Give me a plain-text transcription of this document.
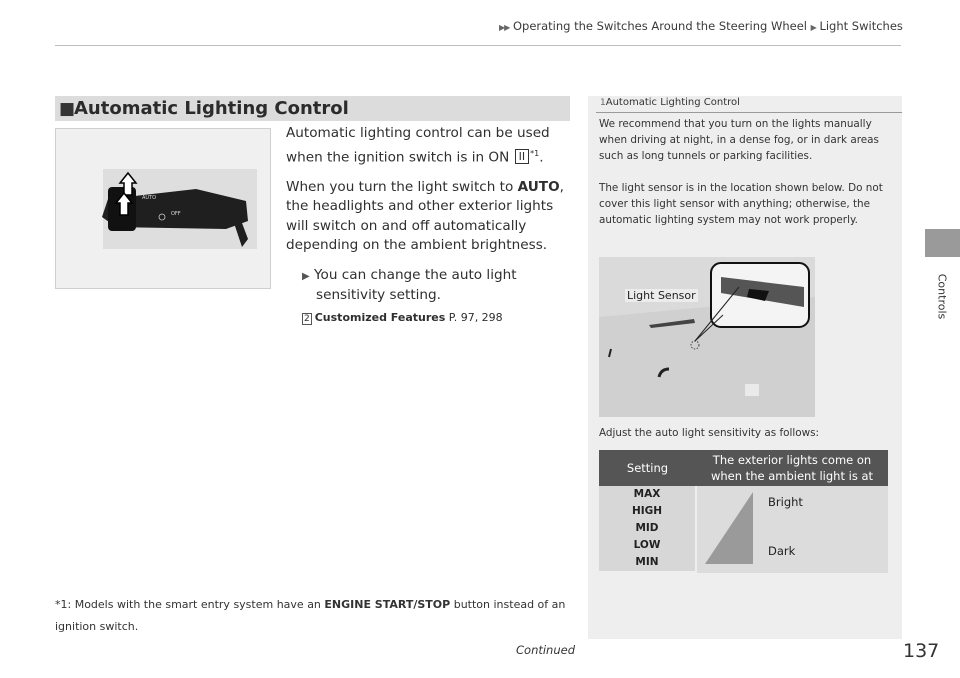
▶▶ Operating the Switches Around the Steering Wheel ▶ Light Switches
Controls
■
Automatic Lighting Control
AUTO
OFF

Automatic lighting control can be used when the ignition switch is in ON II $^{*1}$.

When you turn the light switch to AUTO, the headlights and other exterior lights will switch on and off automatically depending on the ambient brightness.

▶ You can change the auto light sensitivity setting.
2 Customized Features P. 97, 298
*1: Models with the smart entry system have an ENGINE START/STOP button instead of an ignition switch.
Continued	137
1Automatic Lighting Control

We recommend that you turn on the lights manually when driving at night, in a dense fog, or in dark areas such as long tunnels or parking facilities.

The light sensor is in the location shown below. Do not cover this light sensor with anything; otherwise, the automatic lighting system may not work properly.

Light Sensor
Adjust the auto light sensitivity as follows:
Setting
The exterior lights come on when the ambient light is at
MAX
HIGH
MID
LOW
MIN
Bright
Dark
